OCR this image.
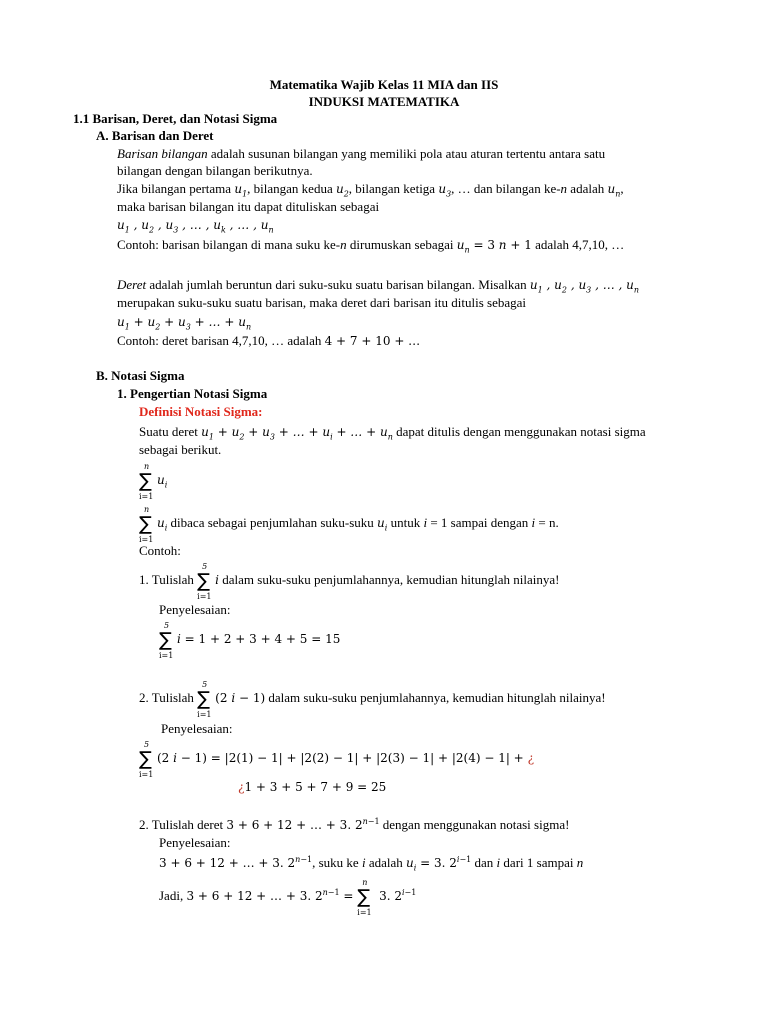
Matematika Wajib Kelas 11 MIA dan IIS
INDUKSI MATEMATIKA
1.1 Barisan, Deret, dan Notasi Sigma
A. Barisan dan Deret
Barisan bilangan adalah susunan bilangan yang memiliki pola atau aturan tertentu antara satu
bilangan dengan bilangan berikutnya.
Jika bilangan pertama $u_1$, bilangan kedua $u_2$, bilangan ketiga $u_3$, … dan bilangan ke-n adalah $u_n$,
maka barisan bilangan itu dapat dituliskan sebagai
$u_1$ , $u_2$ , $u_3$ , … , $u_k$ , … , $u_n$
Contoh: barisan bilangan di mana suku ke-n dirumuskan sebagai $u_n = 3$ n + 1 adalah 4,7,10, …
Deret adalah jumlah beruntun dari suku-suku suatu barisan bilangan. Misalkan $u_1$ , $u_2$ , $u_3$ , … , $u_n$
merupakan suku-suku suatu barisan, maka deret dari barisan itu ditulis sebagai
$u_1 + u_2 + u_3$ + … + $u_n$
Contoh: deret barisan 4,7,10, … adalah 4 + 7 + 10 + …
B. Notasi Sigma
1. Pengertian Notasi Sigma
Definisi Notasi Sigma:
Suatu deret $u_1 + u_2 + u_3$ + … + $u_i$ + … + $u_n$ dapat ditulis dengan menggunakan notasi sigma
sebagai berikut.
n
∑
i=1
$u_i$
n
∑
i=1
$u_i$ dibaca sebagai penjumlahan suku-suku $u_i$ untuk i = 1 sampai dengan i = n.
Contoh:
1. Tulislah
5
∑
i=1
i dalam suku-suku penjumlahannya, kemudian hitunglah nilainya!
Penyelesaian:
5
∑
i=1
i = 1 + 2 + 3 + 4 + 5 = 15
2. Tulislah
5
∑
i=1
(2 i − 1) dalam suku-suku penjumlahannya, kemudian hitunglah nilainya!
Penyelesaian:
5
∑
i=1
(2 i − 1) = |2(1) − 1| + |2(2) − 1| + |2(3) − 1| + |2(4) − 1| + ¿
¿1 + 3 + 5 + 7 + 9 = 25
2. Tulislah deret 3 + 6 + 12 + … + 3. $2^{n-1}$ dengan menggunakan notasi sigma!
Penyelesaian:
3 + 6 + 12 + … + 3. $2^{n-1}$, suku ke i adalah $u_i = 3$. $2^{i-1}$ dan i dari 1 sampai n
Jadi, 3 + 6 + 12 + … + 3. $2^{n-1}$ =
n
∑
i=1
3. $2^{i-1}$
